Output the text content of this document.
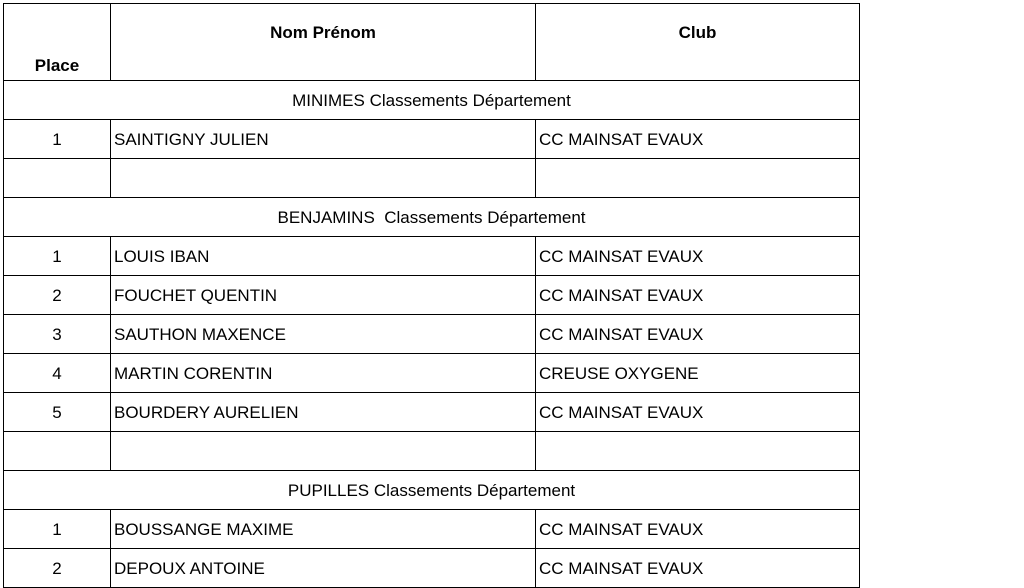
Place	Nom Prénom	Club
MINIMES Classements Département		
1	SAINTIGNY JULIEN	CC MAINSAT EVAUX

BENJAMINS  Classements Département		
1	LOUIS IBAN	CC MAINSAT EVAUX
2	FOUCHET QUENTIN	CC MAINSAT EVAUX
3	SAUTHON MAXENCE	CC MAINSAT EVAUX
4	MARTIN CORENTIN	CREUSE OXYGENE
5	BOURDERY AURELIEN	CC MAINSAT EVAUX

PUPILLES Classements Département		
1	BOUSSANGE MAXIME	CC MAINSAT EVAUX
2	DEPOUX ANTOINE	CC MAINSAT EVAUX
